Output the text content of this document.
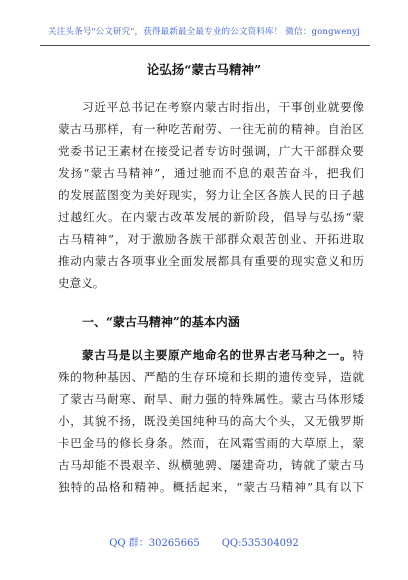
关注头条号"公文研究"，获得最新最全最专业的公文资料库！ 微信：gongwenyj
论弘扬“蒙古马精神”
习近平总书记在考察内蒙古时指出，干事创业就要像
蒙古马那样，有一种吃苦耐劳、一往无前的精神。自治区
党委书记王素材在接受记者专访时强调，广大干部群众要
发扬“蒙古马精神”，通过驰而不息的艰苦奋斗，把我们
的发展蓝图变为美好现实，努力让全区各族人民的日子越
过越红火。在内蒙古改革发展的新阶段，倡导与弘扬“蒙
古马精神”，对于激励各族干部群众艰苦创业、开拓进取
推动内蒙古各项事业全面发展都具有重要的现实意义和历
史意义。
一、“蒙古马精神”的基本内涵
蒙古马是以主要原产地命名的世界古老马种之一。特
殊的物种基因、严酷的生存环境和长期的遗传变异，造就
了蒙古马耐寒、耐旱、耐力强的特殊属性。蒙古马体形矮
小，其貌不扬，既没美国纯种马的高大个头，又无俄罗斯
卡巴金马的修长身条。然而，在风霜雪雨的大草原上，蒙
古马却能不畏艰辛、纵横驰骋、屡建奇功，铸就了蒙古马
独特的品格和精神。概括起来，“蒙古马精神”具有以下
QQ 群：30265665 QQ:535304092
